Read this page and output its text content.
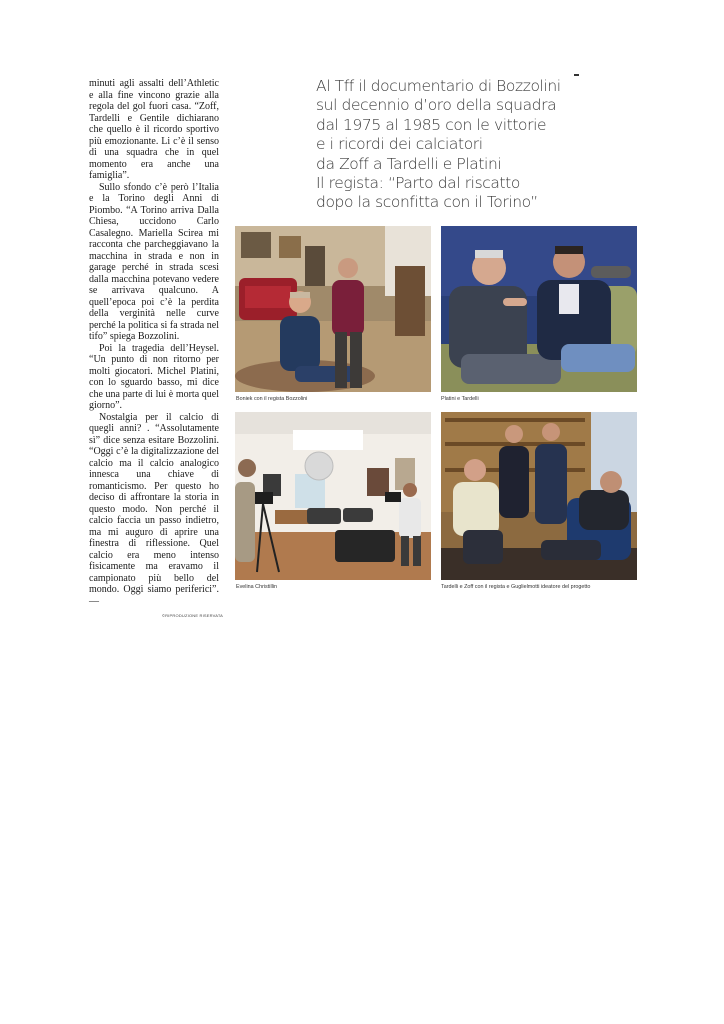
minuti agli assalti dell’Athletic e alla fine vincono grazie alla regola del gol fuori casa. “Zoff, Tardelli e Gentile dichiarano che quello è il ricordo sportivo più emozionante. Li c’è il senso di una squadra che in quel momento era anche una famiglia”.

Sullo sfondo c’è però l’Italia e la Torino degli Anni di Piombo. “A Torino arriva Dalla Chiesa, uccidono Carlo Casalegno. Mariella Scirea mi racconta che parcheggiavano la macchina in strada e non in garage perché in strada scesi dalla macchina potevano vedere se arrivava qualcuno. A quell’epoca poi c’è la perdita della verginità nelle curve perché la politica si fa strada nel tifo” spiega Bozzolini.

Poi la tragedia dell’Heysel. “Un punto di non ritorno per molti giocatori. Michel Platini, con lo sguardo basso, mi dice che una parte di lui è morta quel giorno”.

Nostalgia per il calcio di quegli anni? . “Assolutamente sì” dice senza esitare Bozzolini. “Oggi c’è la digitalizzazione del calcio ma il calcio analogico innesca una chiave di romanticismo. Per questo ho deciso di affrontare la storia in questo modo. Non perché il calcio faccia un passo indietro, ma mi auguro di aprire una finestra di riflessione. Quel calcio era meno intenso fisicamente ma eravamo il campionato più bello del mondo. Oggi siamo periferici”. —

©RIPRODUZIONE RISERVATA
Al Tff il documentario di Bozzolini
sul decennio d’oro della squadra
dal 1975 al 1985 con le vittorie
e i ricordi dei calciatori
da Zoff a Tardelli e Platini
Il regista: “Parto dal riscatto
dopo la sconfitta con il Torino”
Boniek con il regista Bozzolini	Platini e Tardelli
Evelina Christillin	Tardelli e Zoff con il regista e Guglielmotti ideatore del progetto
